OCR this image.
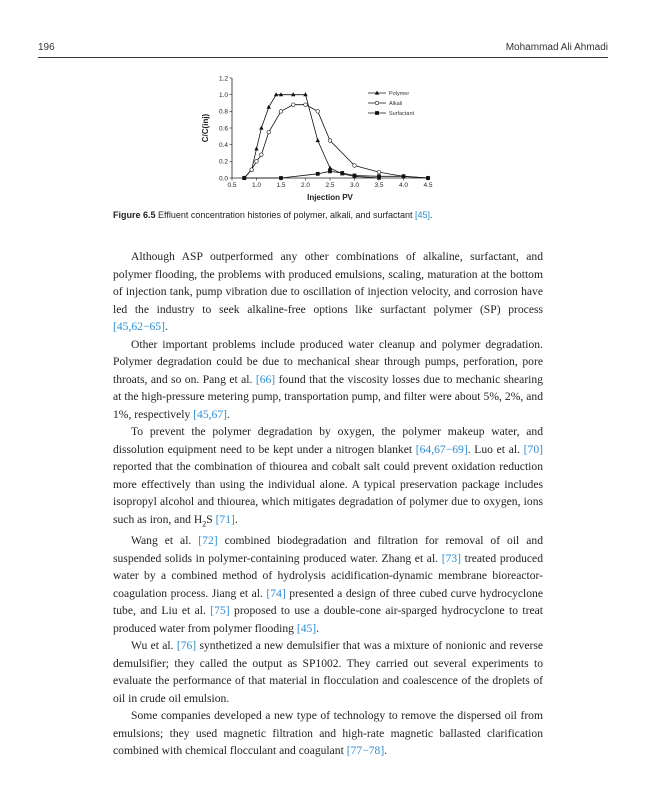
196	Mohammad Ali Ahmadi
0.5 1.0 1.5 2.0 2.5 3.0 3.5 4.0 4.5
0.0
0.2
0.4
0.6
0.8
1.0
1.2
Injection PV
C/C(inj)
Polymer
Alkali
Surfactant
Figure 6.5 Effluent concentration histories of polymer, alkali, and surfactant [45].

Although ASP outperformed any other combinations of alkaline, surfactant, and polymer flooding, the problems with produced emulsions, scaling, maturation at the bottom of injection tank, pump vibration due to oscillation of injection velocity, and corrosion have led the industry to seek alkaline-free options like surfactant polymer (SP) process [45,62−65].

Other important problems include produced water cleanup and polymer degradation. Polymer degradation could be due to mechanical shear through pumps, perforation, pore throats, and so on. Pang et al. [66] found that the viscosity losses due to mechanic shearing at the high-pressure metering pump, transportation pump, and filter were about 5%, 2%, and 1%, respectively [45,67].

To prevent the polymer degradation by oxygen, the polymer makeup water, and dissolution equipment need to be kept under a nitrogen blanket [64,67−69]. Luo et al. [70] reported that the combination of thiourea and cobalt salt could prevent oxidation reduction more effectively than using the individual alone. A typical preservation package includes isopropyl alcohol and thiourea, which mitigates degradation of polymer due to oxygen, ions such as iron, and $H_2S$ [71].

Wang et al. [72] combined biodegradation and filtration for removal of oil and suspended solids in polymer-containing produced water. Zhang et al. [73] treated produced water by a combined method of hydrolysis acidification-dynamic membrane bioreactor-coagulation process. Jiang et al. [74] presented a design of three cubed curve hydrocyclone tube, and Liu et al. [75] proposed to use a double-cone air-sparged hydrocyclone to treat produced water from polymer flooding [45].

Wu et al. [76] synthetized a new demulsifier that was a mixture of nonionic and reverse demulsifier; they called the output as SP1002. They carried out several experiments to evaluate the performance of that material in flocculation and coalescence of the droplets of oil in crude oil emulsion.

Some companies developed a new type of technology to remove the dispersed oil from emulsions; they used magnetic filtration and high-rate magnetic ballasted clarification combined with chemical flocculant and coagulant [77−78].
